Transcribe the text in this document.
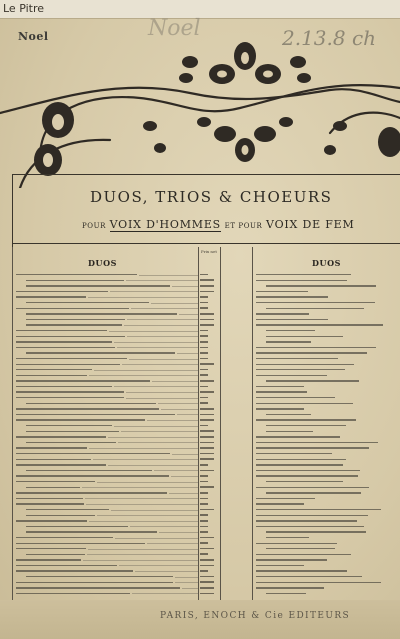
Le Pitre
Noel	Noel	2.13.8 ch
DUOS, TRIOS & CHOEURS
POUR VOIX D'HOMMES ET POUR VOIX DE FEM
Prix net
DUOS	DUOS
PARIS, ENOCH & Cie EDITEURS
